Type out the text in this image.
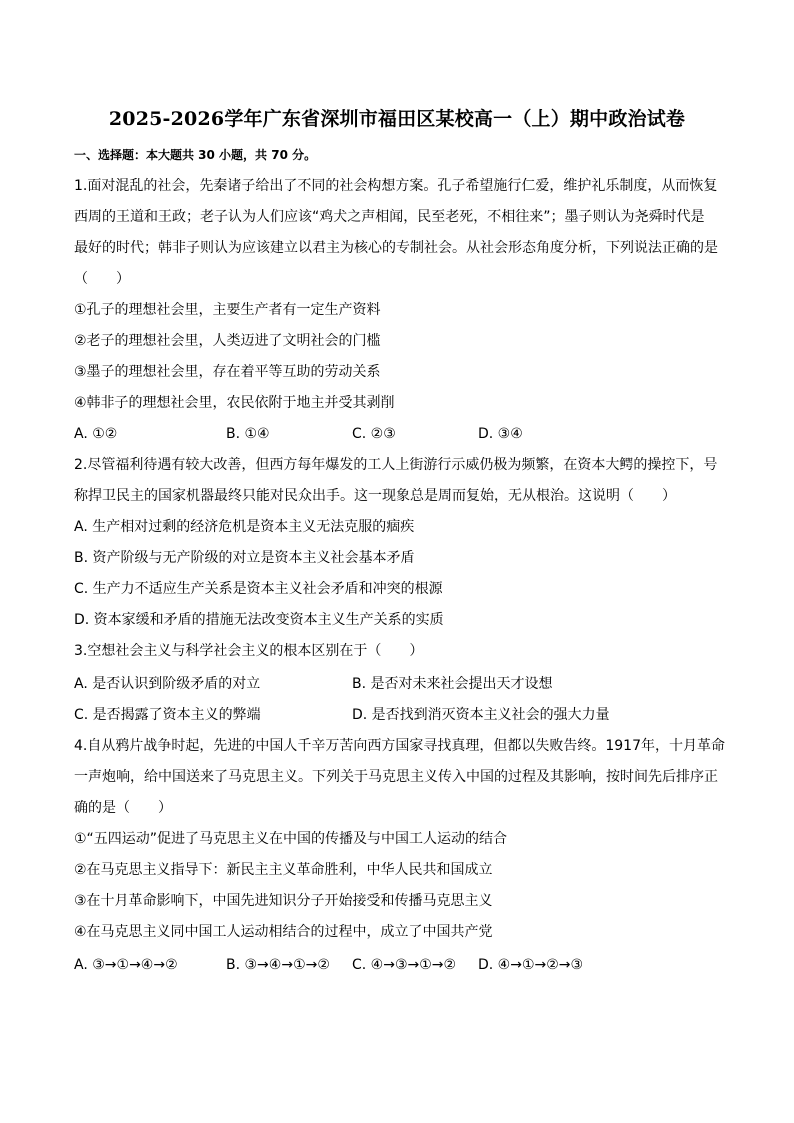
2025-2026学年广东省深圳市福田区某校高一（上）期中政治试卷
一、选择题：本大题共 30 小题，共 70 分。
1.面对混乱的社会，先秦诸子给出了不同的社会构想方案。孔子希望施行仁爱，维护礼乐制度，从而恢复
西周的王道和王政；老子认为人们应该“鸡犬之声相闻，民至老死，不相往来”；墨子则认为尧舜时代是
最好的时代；韩非子则认为应该建立以君主为核心的专制社会。从社会形态角度分析，下列说法正确的是
（　　）
①孔子的理想社会里，主要生产者有一定生产资料
②老子的理想社会里，人类迈进了文明社会的门槛
③墨子的理想社会里，存在着平等互助的劳动关系
④韩非子的理想社会里，农民依附于地主并受其剥削
A. ①②	B. ①④	C. ②③	D. ③④
2.尽管福利待遇有较大改善，但西方每年爆发的工人上街游行示威仍极为频繁，在资本大鳄的操控下，号
称捍卫民主的国家机器最终只能对民众出手。这一现象总是周而复始，无从根治。这说明（　　）
A. 生产相对过剩的经济危机是资本主义无法克服的痼疾
B. 资产阶级与无产阶级的对立是资本主义社会基本矛盾
C. 生产力不适应生产关系是资本主义社会矛盾和冲突的根源
D. 资本家缓和矛盾的措施无法改变资本主义生产关系的实质
3.空想社会主义与科学社会主义的根本区别在于（　　）
A. 是否认识到阶级矛盾的对立	B. 是否对未来社会提出天才设想
C. 是否揭露了资本主义的弊端	D. 是否找到消灭资本主义社会的强大力量
4.自从鸦片战争时起，先进的中国人千辛万苦向西方国家寻找真理，但都以失败告终。1917年，十月革命
一声炮响，给中国送来了马克思主义。下列关于马克思主义传入中国的过程及其影响，按时间先后排序正
确的是（　　）
①“五四运动”促进了马克思主义在中国的传播及与中国工人运动的结合
②在马克思主义指导下：新民主主义革命胜利，中华人民共和国成立
③在十月革命影响下，中国先进知识分子开始接受和传播马克思主义
④在马克思主义同中国工人运动相结合的过程中，成立了中国共产党
A. ③→①→④→②	B. ③→④→①→② C. ④→③→①→② D. ④→①→②→③
